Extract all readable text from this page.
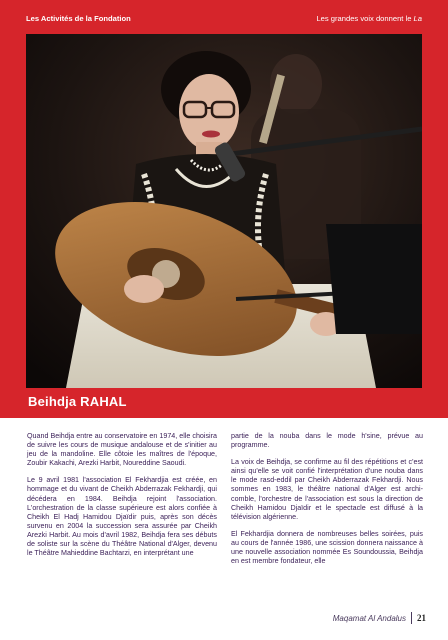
Les Activités de la Fondation	Les grandes voix donnent le La
Beihdja RAHAL

Quand Beihdja entre au conservatoire en 1974, elle choisira de suivre les cours de musique andalouse et de s'initier au jeu de la mandoline. Elle côtoie les maîtres de l'époque, Zoubir Kakachi, Arezki Harbit, Noureddine Saoudi.

Le 9 avril 1981 l'association El Fekhardjia est créée, en hommage et du vivant de Cheikh Abderrazak Fekhardji, qui décédera en 1984. Beihdja rejoint l'association. L'orchestration de la classe supérieure est alors confiée à Cheikh El Hadj Hamidou Djaïdir puis, après son décès survenu en 2004 la succession sera assurée par Cheikh Arezki Harbit. Au mois d'avril 1982, Beihdja fera ses débuts de soliste sur la scène du Théâtre National d'Alger, devenu le Théâtre Mahieddine Bachtarzi, en interprétant une

partie de la nouba dans le mode h'sine, prévue au programme.

La voix de Beihdja, se confirme au fil des répétitions et c'est ainsi qu'elle se voit confié l'interprétation d'une nouba dans le mode rasd-eddil par Cheikh Abderrazak Fekhardji. Nous sommes en 1983, le théâtre national d'Alger est archi-comble, l'orchestre de l'association est sous la direction de Cheikh Hamidou Djaïdir et le spectacle est diffusé à la télévision algérienne.

El Fekhardjia donnera de nombreuses belles soirées, puis au cours de l'année 1986, une scission donnera naissance à une nouvelle association nommée Es Soundoussia, Beihdja en est membre fondateur, elle

Maqamat Al Andalus 21
